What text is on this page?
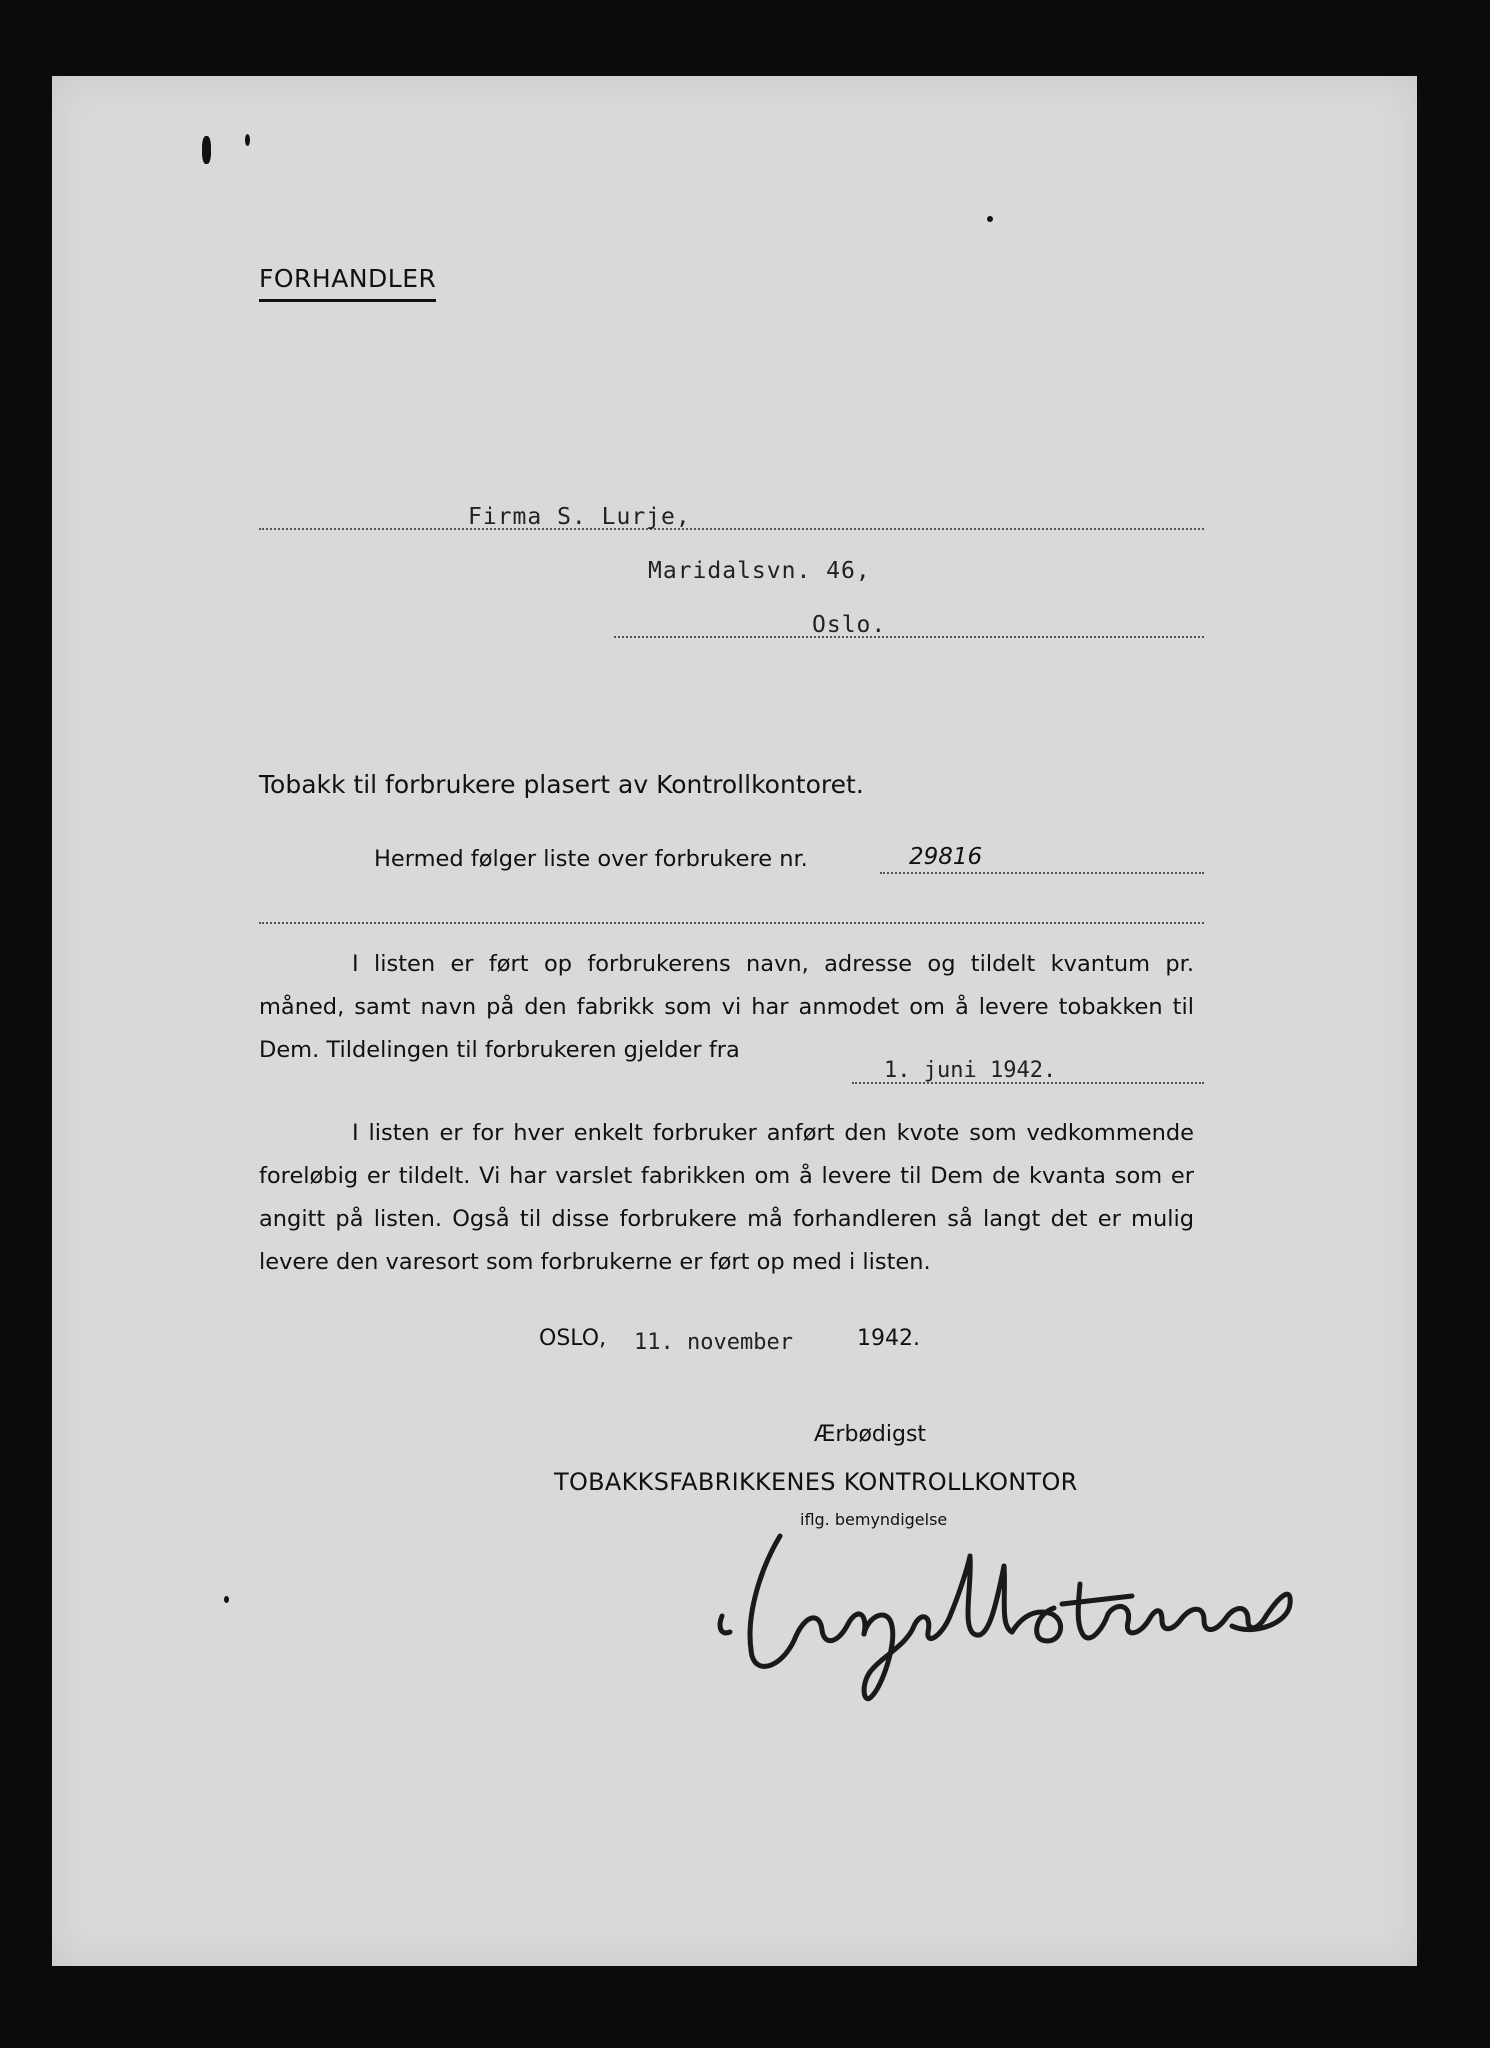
FORHANDLER
Firma S. Lurje,
Maridalsvn. 46,
Oslo.
Tobakk til forbrukere plasert av Kontrollkontoret.
Hermed følger liste over forbrukere nr.	29816
I listen er ført op forbrukerens navn, adresse og tildelt kvantum pr. måned, samt navn på den fabrikk som vi har anmodet om å levere tobakken til Dem. Tildelingen til forbrukeren gjelder fra
1. juni 1942.
I listen er for hver enkelt forbruker anført den kvote som vedkommende foreløbig er tildelt. Vi har varslet fabrikken om å levere til Dem de kvanta som er angitt på listen. Også til disse forbrukere må forhandleren så langt det er mulig levere den varesort som forbrukerne er ført op med i listen.
OSLO, 11. november	1942.
Ærbødigst
TOBAKKSFABRIKKENES KONTROLLKONTOR
iflg. bemyndigelse
